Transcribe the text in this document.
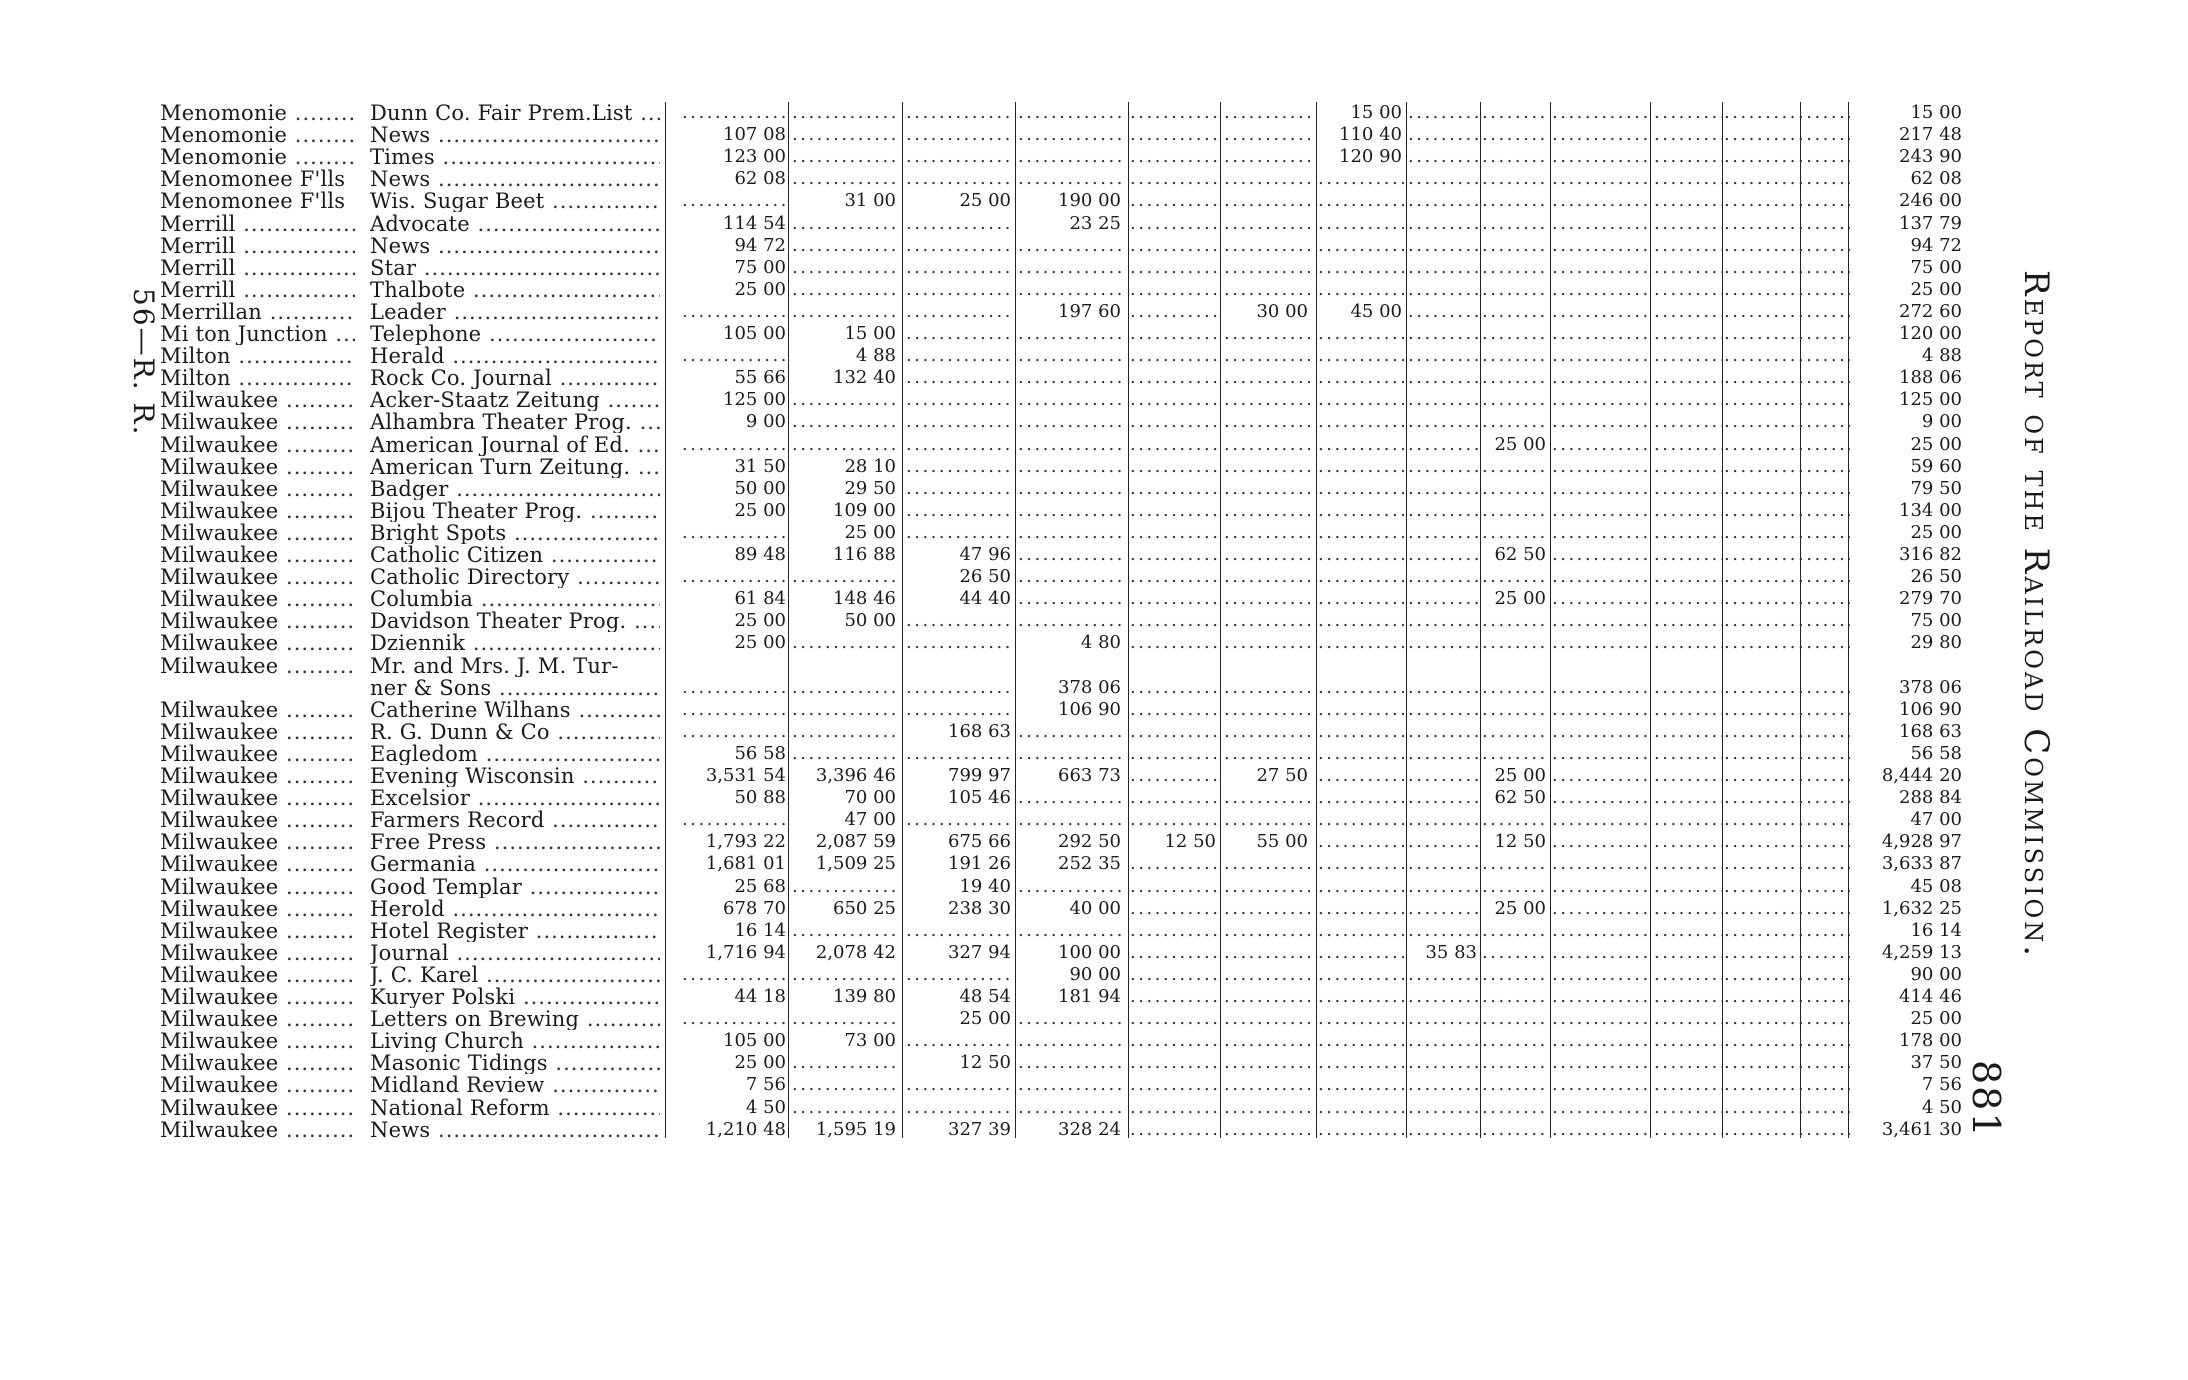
56—R. R.	Report of the Railroad Commission.
881
Menomonie .....	Dunn Co. Fair Prem.List ..... ..... ..... ..... ..... ..... .....	15 00 ..... ..... ..... ..... .....	15 00
Menomonie .....	News .....	107 08 ..... ..... ..... ..... .....	110 40 ..... ..... ..... ..... .....	217 48
Menomonie .....	Times .....	123 00 ..... ..... ..... ..... .....	120 90 ..... ..... ..... ..... .....	243 90
Menomonee F'lls .....	News .....	62 08 ..... ..... ..... ..... ..... ..... ..... ..... ..... ..... .....	62 08
Menomonee F'lls .....	Wis. Sugar Beet ..... .....	31 00	25 00	190 00 ..... ..... ..... ..... ..... ..... ..... .....	246 00
Merrill .....	Advocate .....	114 54 ..... .....	23 25 ..... ..... ..... ..... ..... ..... ..... .....	137 79
Merrill .....	News .....	94 72 ..... ..... ..... ..... ..... ..... ..... ..... ..... ..... .....	94 72
Merrill .....	Star .....	75 00 ..... ..... ..... ..... ..... ..... ..... ..... ..... ..... .....	75 00
Merrill .....	Thalbote .....	25 00 ..... ..... ..... ..... ..... ..... ..... ..... ..... ..... .....	25 00
Merrillan .....	Leader ..... ..... ..... .....	197 60 .....	30 00	45 00 ..... ..... ..... ..... .....	272 60
Mi ton Junction .....	Telephone .....	105 00	15 00 ..... ..... ..... ..... ..... ..... ..... ..... ..... .....	120 00
Milton .....	Herald ..... .....	4 88 ..... ..... ..... ..... ..... ..... ..... ..... ..... .....	4 88
Milton .....	Rock Co. Journal .....	55 66	132 40 ..... ..... ..... ..... ..... ..... ..... ..... ..... .....	188 06
Milwaukee .....	Acker-Staatz Zeitung .....	125 00 ..... ..... ..... ..... ..... ..... ..... ..... ..... ..... .....	125 00
Milwaukee .....	Alhambra Theater Prog. .....	9 00 ..... ..... ..... ..... ..... ..... ..... ..... ..... ..... .....	9 00
Milwaukee .....	American Journal of Ed. ..... ..... ..... ..... ..... ..... ..... ..... .....	25 00 ..... ..... .....	25 00
Milwaukee .....	American Turn Zeitung. .....	31 50	28 10 ..... ..... ..... ..... ..... ..... ..... ..... ..... .....	59 60
Milwaukee .....	Badger .....	50 00	29 50 ..... ..... ..... ..... ..... ..... ..... ..... ..... .....	79 50
Milwaukee .....	Bijou Theater Prog. .....	25 00	109 00 ..... ..... ..... ..... ..... ..... ..... ..... ..... .....	134 00
Milwaukee .....	Bright Spots ..... .....	25 00 ..... ..... ..... ..... ..... ..... ..... ..... ..... .....	25 00
Milwaukee .....	Catholic Citizen .....	89 48	116 88	47 96 ..... ..... ..... ..... .....	62 50 ..... ..... .....	316 82
Milwaukee .....	Catholic Directory ..... ..... .....	26 50 ..... ..... ..... ..... ..... ..... ..... ..... .....	26 50
Milwaukee .....	Columbia .....	61 84	148 46	44 40 ..... ..... ..... ..... .....	25 00 ..... ..... .....	279 70
Milwaukee .....	Davidson Theater Prog. .....	25 00	50 00 ..... ..... ..... ..... ..... ..... ..... ..... ..... .....	75 00
Milwaukee .....	Dziennik .....	25 00 ..... .....	4 80 ..... ..... ..... ..... ..... ..... ..... .....	29 80
Milwaukee .....	Mr. and Mrs. J. M. Tur-
ner & Sons ..... ..... ..... .....	378 06 ..... ..... ..... ..... ..... ..... ..... .....	378 06
Milwaukee .....	Catherine Wilhans ..... ..... ..... .....	106 90 ..... ..... ..... ..... ..... ..... ..... .....	106 90
Milwaukee .....	R. G. Dunn & Co ..... ..... .....	168 63 ..... ..... ..... ..... ..... ..... ..... ..... .....	168 63
Milwaukee .....	Eagledom .....	56 58 ..... ..... ..... ..... ..... ..... ..... ..... ..... ..... .....	56 58
Milwaukee .....	Evening Wisconsin .....	3,531 54	3,396 46	799 97	663 73 .....	27 50 ..... .....	25 00 ..... ..... .....	8,444 20
Milwaukee .....	Excelsior .....	50 88	70 00	105 46 ..... ..... ..... ..... .....	62 50 ..... ..... .....	288 84
Milwaukee .....	Farmers Record ..... .....	47 00 ..... ..... ..... ..... ..... ..... ..... ..... ..... .....	47 00
Milwaukee .....	Free Press .....	1,793 22	2,087 59	675 66	292 50	12 50	55 00 ..... .....	12 50 ..... ..... .....	4,928 97
Milwaukee .....	Germania .....	1,681 01	1,509 25	191 26	252 35 ..... ..... ..... ..... ..... ..... ..... .....	3,633 87
Milwaukee .....	Good Templar .....	25 68 .....	19 40 ..... ..... ..... ..... ..... ..... ..... ..... .....	45 08
Milwaukee .....	Herold .....	678 70	650 25	238 30	40 00 ..... ..... ..... .....	25 00 ..... ..... .....	1,632 25
Milwaukee .....	Hotel Register .....	16 14 ..... ..... ..... ..... ..... ..... ..... ..... ..... ..... .....	16 14
Milwaukee .....	Journal .....	1,716 94	2,078 42	327 94	100 00 ..... ..... .....	35 83 ..... ..... ..... .....	4,259 13
Milwaukee .....	J. C. Karel ..... ..... ..... .....	90 00 ..... ..... ..... ..... ..... ..... ..... .....	90 00
Milwaukee .....	Kuryer Polski .....	44 18	139 80	48 54	181 94 ..... ..... ..... ..... ..... ..... ..... .....	414 46
Milwaukee .....	Letters on Brewing ..... ..... .....	25 00 ..... ..... ..... ..... ..... ..... ..... ..... .....	25 00
Milwaukee .....	Living Church .....	105 00	73 00 ..... ..... ..... ..... ..... ..... ..... ..... ..... .....	178 00
Milwaukee .....	Masonic Tidings .....	25 00 .....	12 50 ..... ..... ..... ..... ..... ..... ..... ..... .....	37 50
Milwaukee .....	Midland Review .....	7 56 ..... ..... ..... ..... ..... ..... ..... ..... ..... ..... .....	7 56
Milwaukee .....	National Reform .....	4 50 ..... ..... ..... ..... ..... ..... ..... ..... ..... ..... .....	4 50
Milwaukee .....	News .....	1,210 48	1,595 19	327 39	328 24 ..... ..... ..... ..... ..... ..... ..... .....	3,461 30
